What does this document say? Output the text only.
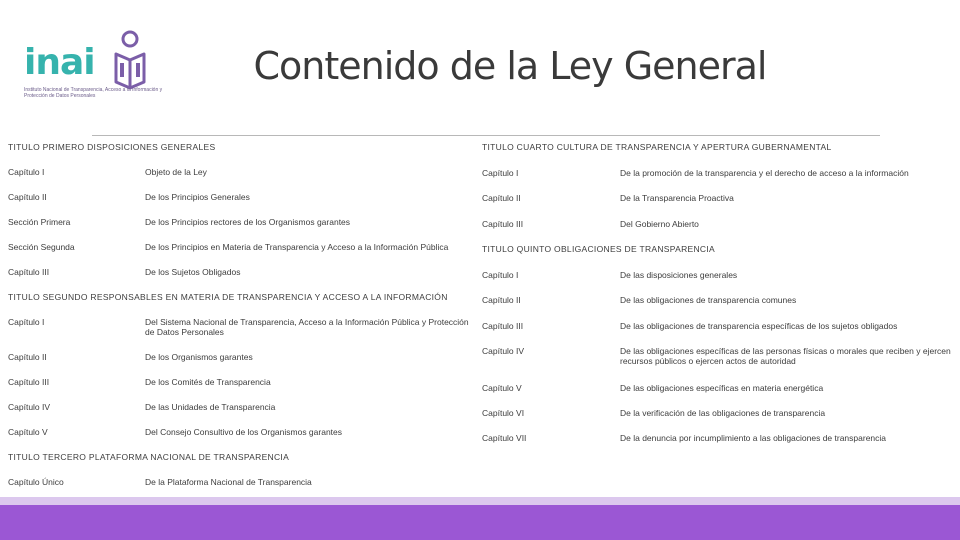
inai
Instituto Nacional de Transparencia, Acceso a la Información y Protección de Datos Personales
Contenido de la Ley General
TITULO PRIMERO DISPOSICIONES GENERALES
Capítulo I	Objeto de la Ley
Capítulo II	De los Principios Generales
Sección Primera	De los Principios rectores de los Organismos garantes
Sección Segunda	De los Principios en Materia de Transparencia y Acceso a la Información Pública
Capítulo III	De los Sujetos Obligados
TITULO SEGUNDO RESPONSABLES EN MATERIA DE TRANSPARENCIA Y ACCESO A LA INFORMACIÓN
Capítulo I	Del Sistema Nacional de Transparencia, Acceso a la Información Pública y Protección de Datos Personales
Capítulo II	De los Organismos garantes
Capítulo III	De los Comités de Transparencia
Capítulo IV	De las Unidades de Transparencia
Capítulo V	Del Consejo Consultivo de los Organismos garantes
TITULO TERCERO PLATAFORMA NACIONAL DE TRANSPARENCIA
Capítulo Único	De la Plataforma Nacional de Transparencia
TITULO CUARTO CULTURA DE TRANSPARENCIA Y APERTURA GUBERNAMENTAL
Capítulo I	De la promoción de la transparencia y el derecho de acceso a la información
Capítulo II	De la Transparencia Proactiva
Capítulo III	Del Gobierno Abierto
TITULO QUINTO OBLIGACIONES DE TRANSPARENCIA
Capítulo I	De las disposiciones generales
Capítulo II	De las obligaciones de transparencia comunes
Capítulo III	De las obligaciones de transparencia específicas de los sujetos obligados
Capítulo IV	De las obligaciones específicas de las personas físicas o morales que reciben y ejercen recursos públicos o ejercen actos de autoridad
Capítulo V	De las obligaciones específicas en materia energética
Capítulo VI	De la verificación de las obligaciones de transparencia
Capítulo VII	De la denuncia por incumplimiento a las obligaciones de transparencia
